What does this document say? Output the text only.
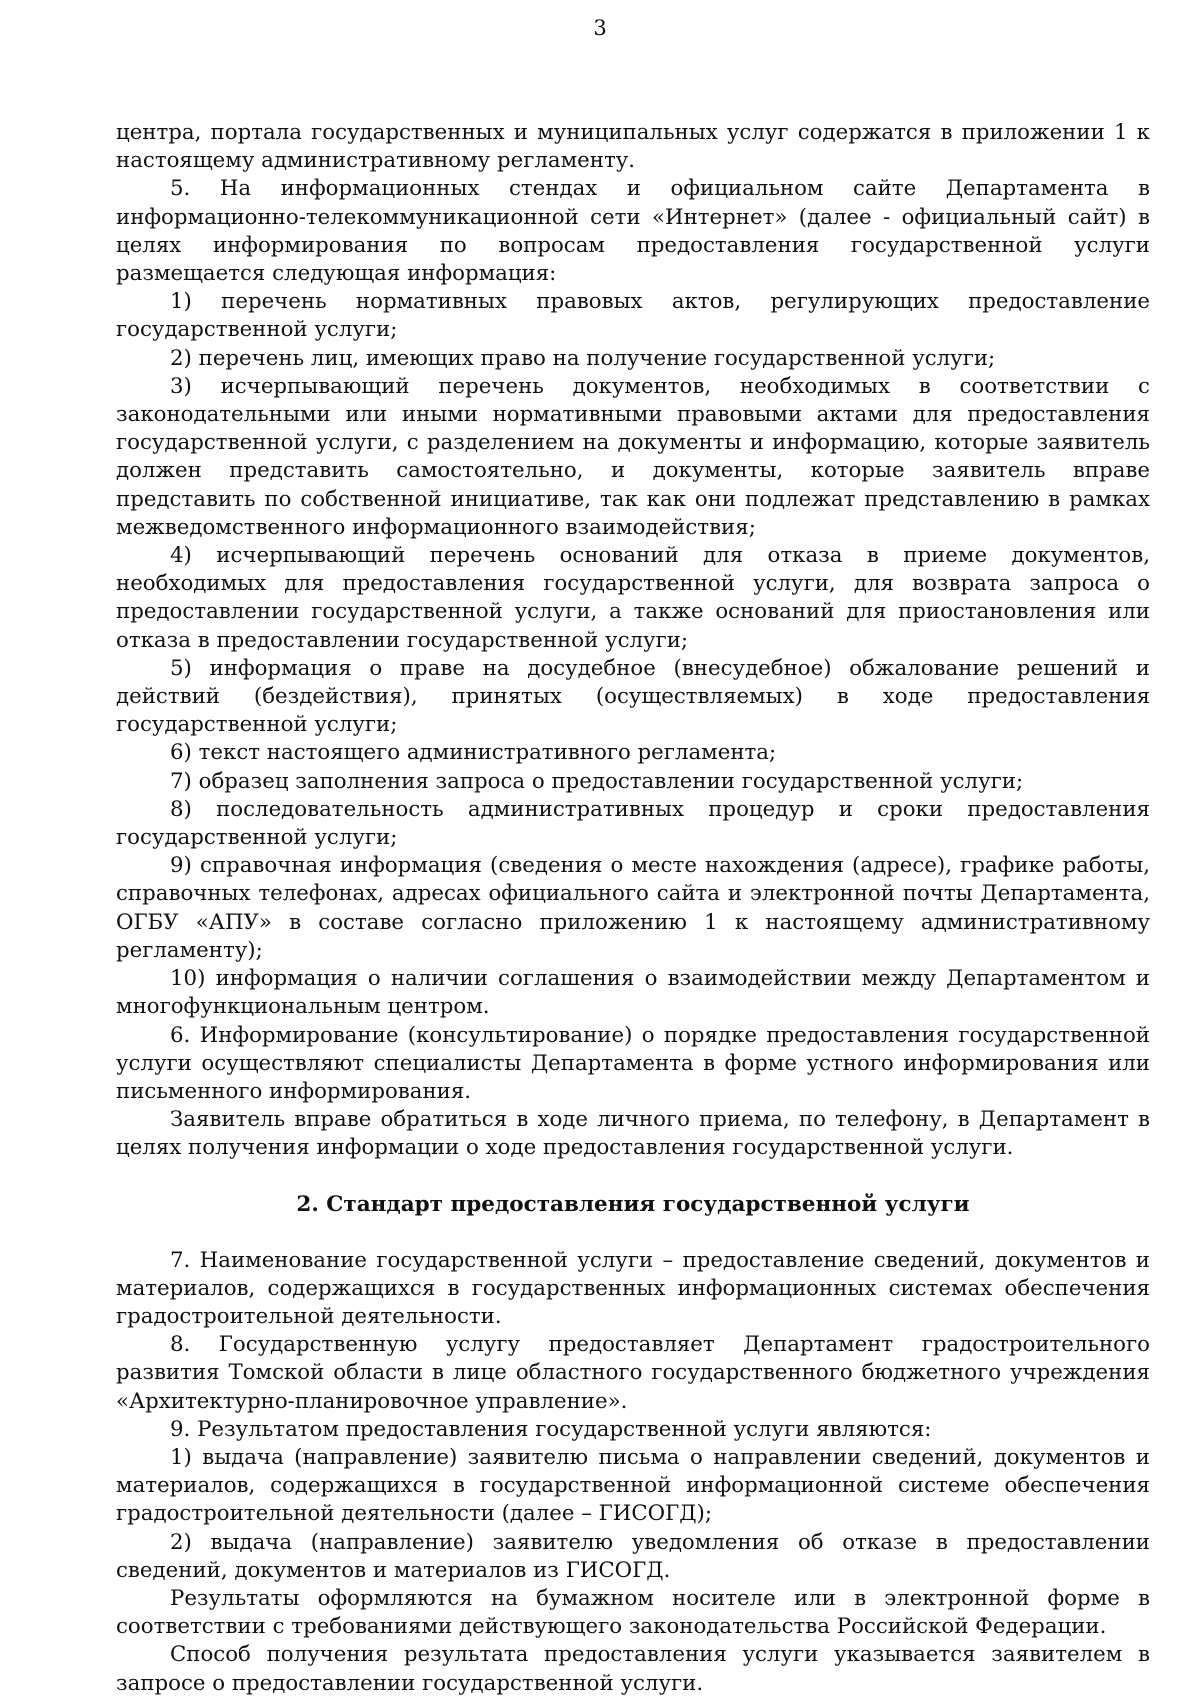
3

центра, портала государственных и муниципальных услуг содержатся в приложении 1 к настоящему административному регламенту.

5. На информационных стендах и официальном сайте Департамента в информационно-телекоммуникационной сети «Интернет» (далее - официальный сайт) в целях информирования по вопросам предоставления государственной услуги размещается следующая информация:

1) перечень нормативных правовых актов, регулирующих предоставление государственной услуги;

2) перечень лиц, имеющих право на получение государственной услуги;

3) исчерпывающий перечень документов, необходимых в соответствии с законодательными или иными нормативными правовыми актами для предоставления государственной услуги, с разделением на документы и информацию, которые заявитель должен представить самостоятельно, и документы, которые заявитель вправе представить по собственной инициативе, так как они подлежат представлению в рамках межведомственного информационного взаимодействия;

4) исчерпывающий перечень оснований для отказа в приеме документов, необходимых для предоставления государственной услуги, для возврата запроса о предоставлении государственной услуги, а также оснований для приостановления или отказа в предоставлении государственной услуги;

5) информация о праве на досудебное (внесудебное) обжалование решений и действий (бездействия), принятых (осуществляемых) в ходе предоставления государственной услуги;

6) текст настоящего административного регламента;

7) образец заполнения запроса о предоставлении государственной услуги;

8) последовательность административных процедур и сроки предоставления государственной услуги;

9) справочная информация (сведения о месте нахождения (адресе), графике работы, справочных телефонах, адресах официального сайта и электронной почты Департамента, ОГБУ «АПУ» в составе согласно приложению 1 к настоящему административному регламенту);

10) информация о наличии соглашения о взаимодействии между Департаментом и многофункциональным центром.

6. Информирование (консультирование) о порядке предоставления государственной услуги осуществляют специалисты Департамента в форме устного информирования или письменного информирования.

Заявитель вправе обратиться в ходе личного приема, по телефону, в Департамент в целях получения информации о ходе предоставления государственной услуги.

2. Стандарт предоставления государственной услуги

7. Наименование государственной услуги – предоставление сведений, документов и материалов, содержащихся в государственных информационных системах обеспечения градостроительной деятельности.

8. Государственную услугу предоставляет Департамент градостроительного развития Томской области в лице областного государственного бюджетного учреждения «Архитектурно-планировочное управление».

9. Результатом предоставления государственной услуги являются:

1) выдача (направление) заявителю письма о направлении сведений, документов и материалов, содержащихся в государственной информационной системе обеспечения градостроительной деятельности (далее – ГИСОГД);

2) выдача (направление) заявителю уведомления об отказе в предоставлении сведений, документов и материалов из ГИСОГД.

Результаты оформляются на бумажном носителе или в электронной форме в соответствии с требованиями действующего законодательства Российской Федерации.

Способ получения результата предоставления услуги указывается заявителем в запросе о предоставлении государственной услуги.
